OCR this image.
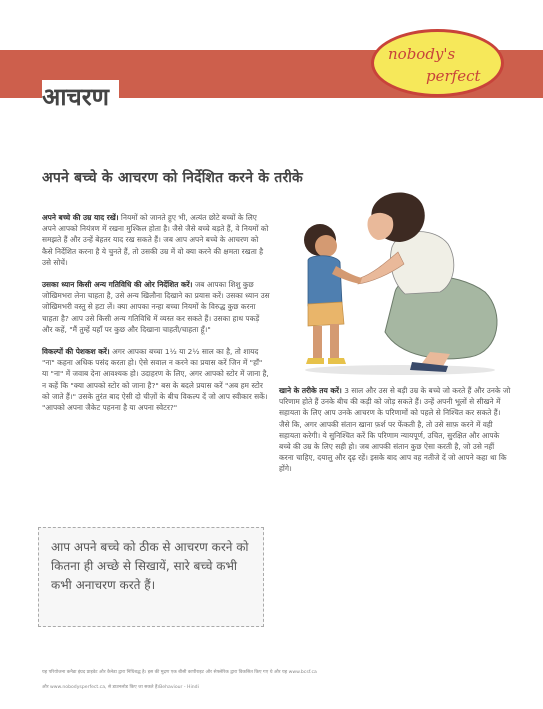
आचरण
nobody's
perfect
अपने बच्चे के आचरण को निर्देशित करने के तरीके

अपने बच्चे की उम्र याद रखें। नियमों को जानते हुए भी, अत्यंत छोटे बच्चों के लिए अपने आपको नियंत्रण में रखना मुश्किल होता है। जैसे जैसे बच्चे बड़ते हैं, वे नियमों को समझते हैं और उन्हें बेहतर याद रख सकते हैं। जब आप अपने बच्चे के आचरण को कैसे निर्देशित करना है ये चुनते हैं, तो उसकी उम्र में वो क्या करने की क्षमता रखता है उसे सोचें।

उसका ध्यान किसी अन्य गतिविधि की ओर निर्देशित करें। जब आपका शिशु कुछ जोखिमभरा लेना चाहता है, उसे अन्य खिलौना दिखाने का प्रयास करें। उसका ध्यान उस जोखिमभरी वस्तु से हटा लें। क्या आपका नन्हा बच्चा नियमों के विरुद्ध कुछ करना चाहता है? आप उसे किसी अन्य गतिविधि में व्यस्त कर सकते हैं। उसका हाथ पकड़ें और कहें, "मैं तुम्हें यहाँ पर कुछ और दिखाना चाहती/चाहता हूँ।"

विकल्पों की पेशकश करें। अगर आपका बच्चा 1½ या 2½ साल का है, तो शायद "ना" कहना अधिक पसंद करता हो। ऐसे सवाल न करने का प्रयास करें जिन में "हाँ" या "ना" में जवाब देना आवश्यक हो। उदाहरण के लिए, अगर आपको स्टोर में जाना है, न कहें कि "क्या आपको स्टोर को जाना है?" बस के बदले प्रयास करें "अब हम स्टोर को जाते हैं।" उसके तुरंत बाद ऐसी दो चीज़ों के बीच विकल्प दें जो आप स्वीकार सकें। "आपको अपना जैकेट पहनना है या अपना स्वेटर?"

खाने के तरीके तय करें। 3 साल और उस से बड़ी उम्र के बच्चे जो करते हैं और उनके जो परिणाम होते हैं उनके बीच की कड़ी को जोड़ सकते हैं। उन्हें अपनी भूलों से सीखने में सहायता के लिए आप उनके आचरण के परिणामों को पहले से निश्चित कर सकते हैं। जैसे कि, अगर आपकी संतान खाना फ़र्श पर फेंकती है, तो उसे साफ़ करने में वही सहायता करेगी। ये सुनिश्चित करें कि परिणाम न्यायपूर्ण, उचित, सुरक्षित और आपके बच्चे की उम्र के लिए सही हो। जब आपकी संतान कुछ ऐसा करती है, जो उसे नहीं करना चाहिए, दयालु और दृढ़ रहें। इसके बाद आप वह नतीजे दें जो आपने कहा था कि होंगे।

आप अपने बच्चे को ठीक से आचरण करने को कितना ही अच्छे से सिखायें, सारे बच्चे कभी कभी अनाचरण करते हैं।
यह परियोजना कनैडा इंग्रद प्राइवेट और कैनेडा द्वारा निधिबद्ध है। इस की मुद्रण एक बीसी कापीराइट और सेफ्लेरिक द्वारा विकसित किए गए थे और यह www.bcsf.ca
और www.nobodysperfect.ca, से डाउनलोड किए जा सकते हैं।Behaviour - Hindi
